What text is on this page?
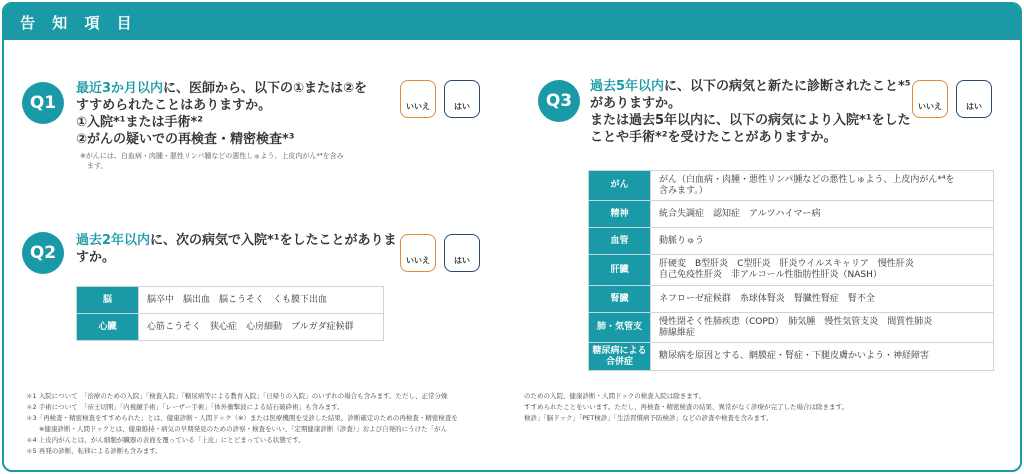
告 知 項 目
Q1
最近3か月以内に、医師から、以下の①または②を
すすめられたことはありますか。
①入院*¹または手術*²
②がんの疑いでの再検査・精密検査*³
※がんには、白血病・肉腫・悪性リンパ腫などの悪性しゅよう、上皮内がん*⁴を含み
　ます。
いいえ	はい
Q2
過去2年以内に、次の病気で入院*¹をしたことがありま
すか。	いいえ	はい
脳	脳卒中　脳出血　脳こうそく　くも膜下出血
心臓	心筋こうそく　狭心症　心房細動　ブルガダ症候群
Q3
過去5年以内に、以下の病気と新たに診断されたこと*⁵
がありますか。
または過去5年以内に、以下の病気により入院*¹をした
ことや手術*²を受けたことがありますか。
いいえ	はい
がん	がん（白血病・肉腫・悪性リンパ腫などの悪性しゅよう、上皮内がん*⁴を
含みます。）

精神	統合失調症　認知症　アルツハイマー病
血管	動脈りゅう
肝臓	肝硬変　B型肝炎　C型肝炎　肝炎ウイルスキャリア　慢性肝炎
自己免疫性肝炎　非アルコール性脂肪性肝炎（NASH）

腎臓	ネフローゼ症候群　糸球体腎炎　腎臓性腎症　腎不全
肺・気管支	慢性閉そく性肺疾患（COPD）　肺気腫　慢性気管支炎　間質性肺炎
肺線維症

糖尿病による合併症	糖尿病を原因とする、網膜症・腎症・下腿皮膚かいよう・神経障害
＊1 入院について　「治療のための入院」「検査入院」「糖尿病等による教育入院」「日帰りの入院」のいずれの場合も含みます。ただし、正常分娩
＊2 手術について　「帝王切開」「内視鏡手術」「レーザー手術」「体外衝撃波による結石破砕術」も含みます。
＊3「再検査・精密検査をすすめられた」とは、健康診断・人間ドック（※）または医療機関を受診した結果、診断確定のための再検査・精密検査を
　　※健康診断・人間ドックとは、健康維持・病気の早期発見のための診察・検査をいい、「定期健康診断（診査）」および自発的にうけた「がん
＊4 上皮内がんとは、がん細胞が臓器の表面を覆っている「上皮」にとどまっている状態です。
＊5 再発の診断、転移による診断も含みます。
のための入院、健康診断・人間ドックの検査入院は除きます。
すすめられたことをいいます。ただし、再検査・精密検査の結果、異常がなく診療が完了した場合は除きます。
検診」「脳ドック」「PET検診」「生活習慣病予防検診」などの診査や検査を含みます。
